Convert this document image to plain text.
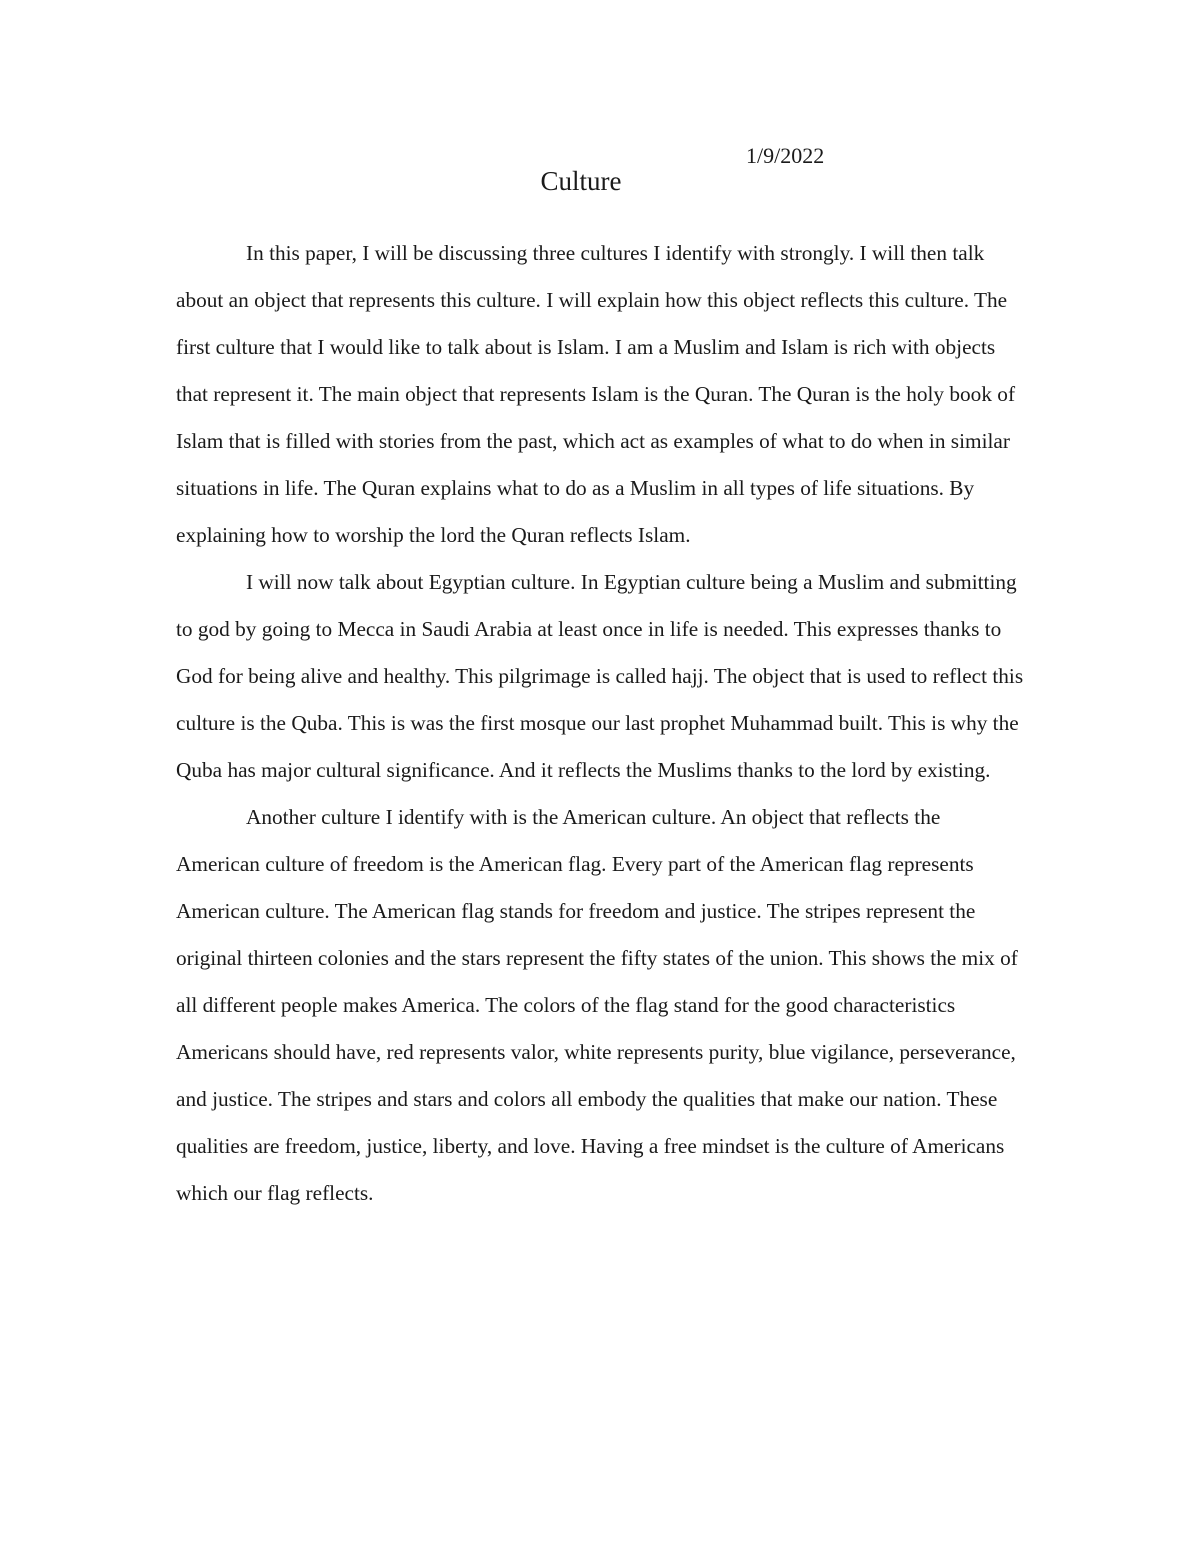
1/9/2022
Culture

In this paper, I will be discussing three cultures I identify with strongly. I will then talk about an object that represents this culture. I will explain how this object reflects this culture. The first culture that I would like to talk about is Islam. I am a Muslim and Islam is rich with objects that represent it. The main object that represents Islam is the Quran. The Quran is the holy book of Islam that is filled with stories from the past, which act as examples of what to do when in similar situations in life. The Quran explains what to do as a Muslim in all types of life situations. By explaining how to worship the lord the Quran reflects Islam.

I will now talk about Egyptian culture. In Egyptian culture being a Muslim and submitting to god by going to Mecca in Saudi Arabia at least once in life is needed. This expresses thanks to God for being alive and healthy. This pilgrimage is called hajj. The object that is used to reflect this culture is the Quba. This is was the first mosque our last prophet Muhammad built. This is why the Quba has major cultural significance. And it reflects the Muslims thanks to the lord by existing.

Another culture I identify with is the American culture. An object that reflects the American culture of freedom is the American flag. Every part of the American flag represents American culture. The American flag stands for freedom and justice. The stripes represent the original thirteen colonies and the stars represent the fifty states of the union. This shows the mix of all different people makes America. The colors of the flag stand for the good characteristics Americans should have, red represents valor, white represents purity, blue vigilance, perseverance, and justice. The stripes and stars and colors all embody the qualities that make our nation. These qualities are freedom, justice, liberty, and love. Having a free mindset is the culture of Americans which our flag reflects.
